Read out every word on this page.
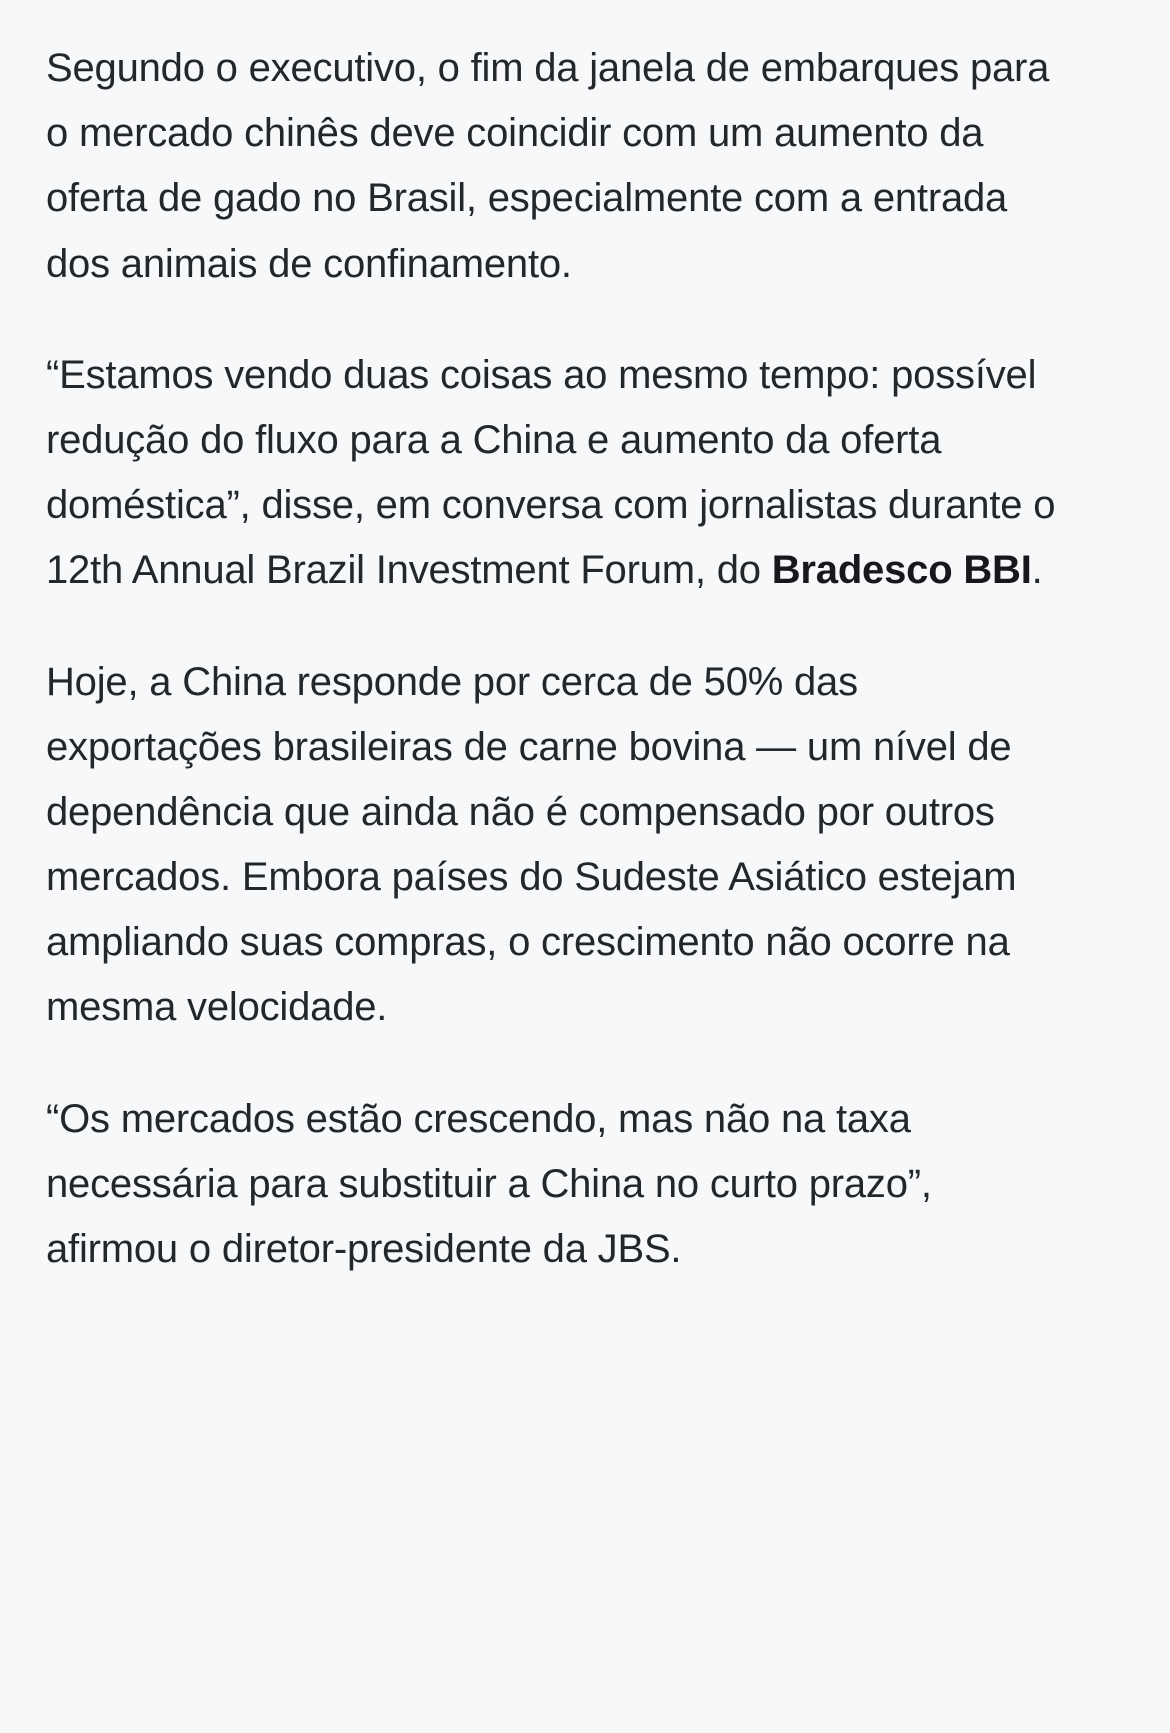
Segundo o executivo, o fim da janela de embarques para o mercado chinês deve coincidir com um aumento da oferta de gado no Brasil, especialmente com a entrada dos animais de confinamento.

“Estamos vendo duas coisas ao mesmo tempo: possível redução do fluxo para a China e aumento da oferta doméstica”, disse, em conversa com jornalistas durante o 12th Annual Brazil Investment Forum, do Bradesco BBI.

Hoje, a China responde por cerca de 50% das exportações brasileiras de carne bovina — um nível de dependência que ainda não é compensado por outros mercados. Embora países do Sudeste Asiático estejam ampliando suas compras, o crescimento não ocorre na mesma velocidade.

“Os mercados estão crescendo, mas não na taxa necessária para substituir a China no curto prazo”, afirmou o diretor-presidente da JBS.
